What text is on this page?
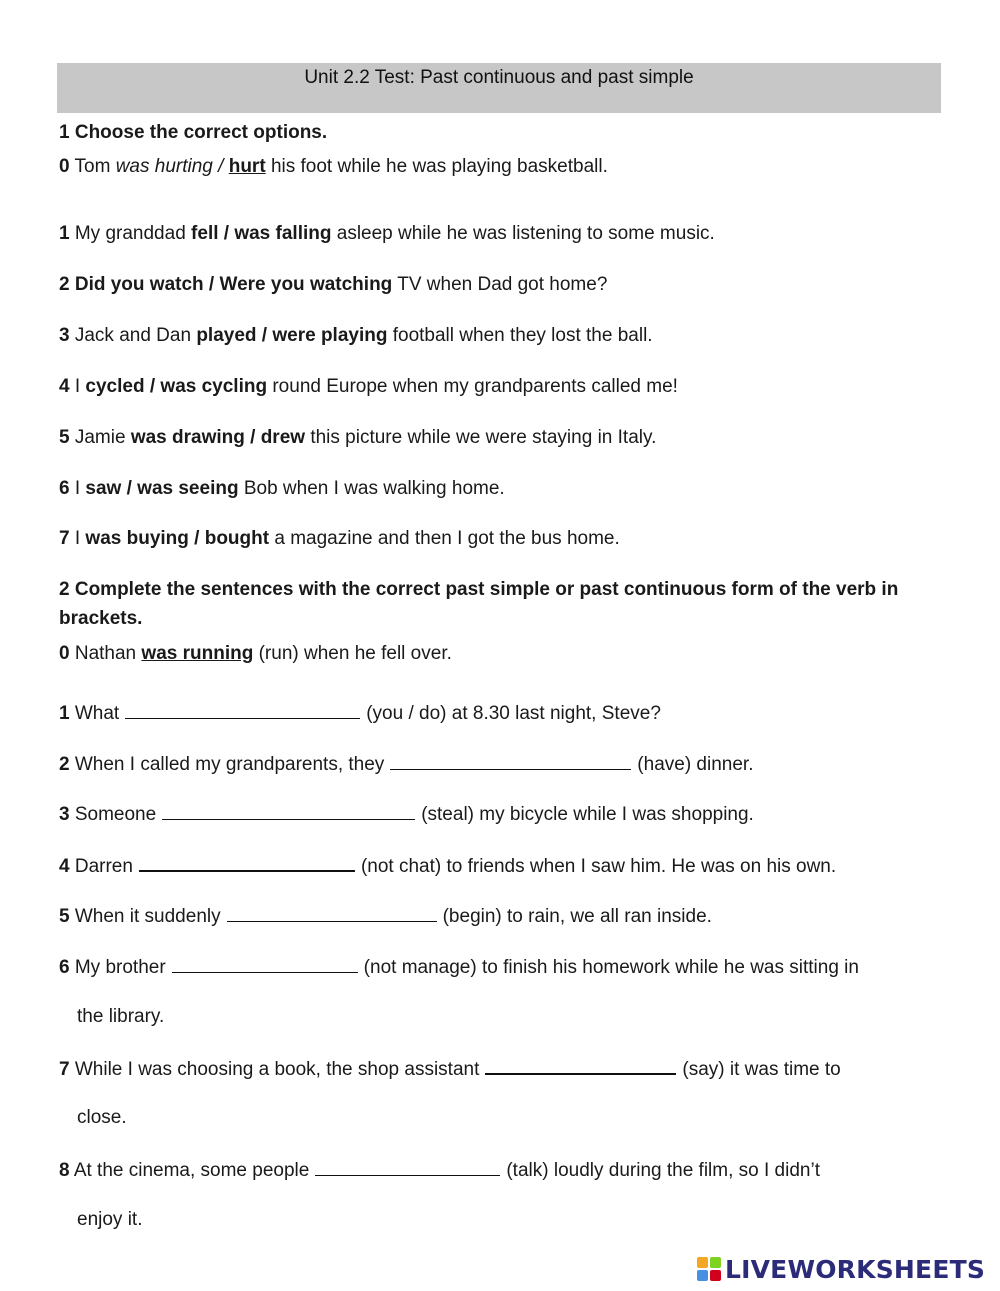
Unit 2.2 Test: Past continuous and past simple
1 Choose the correct options.
0 Tom was hurting / hurt his foot while he was playing basketball.
1 My granddad fell / was falling asleep while he was listening to some music.
2 Did you watch / Were you watching TV when Dad got home?
3 Jack and Dan played / were playing football when they lost the ball.
4 I cycled / was cycling round Europe when my grandparents called me!
5 Jamie was drawing / drew this picture while we were staying in Italy.
6 I saw / was seeing Bob when I was walking home.
7 I was buying / bought a magazine and then I got the bus home.
2 Complete the sentences with the correct past simple or past continuous form of the verb in
brackets.
0 Nathan was running (run) when he fell over.
1 What	(you / do) at 8.30 last night, Steve?
2 When I called my grandparents, they	(have) dinner.
3 Someone	(steal) my bicycle while I was shopping.
4 Darren	(not chat) to friends when I saw him. He was on his own.
5 When it suddenly	(begin) to rain, we all ran inside.
6 My brother	(not manage) to finish his homework while he was sitting in
the library.
7 While I was choosing a book, the shop assistant	(say) it was time to
close.
8 At the cinema, some people	(talk) loudly during the film, so I didn’t
enjoy it.
LIVEWORKSHEETS
